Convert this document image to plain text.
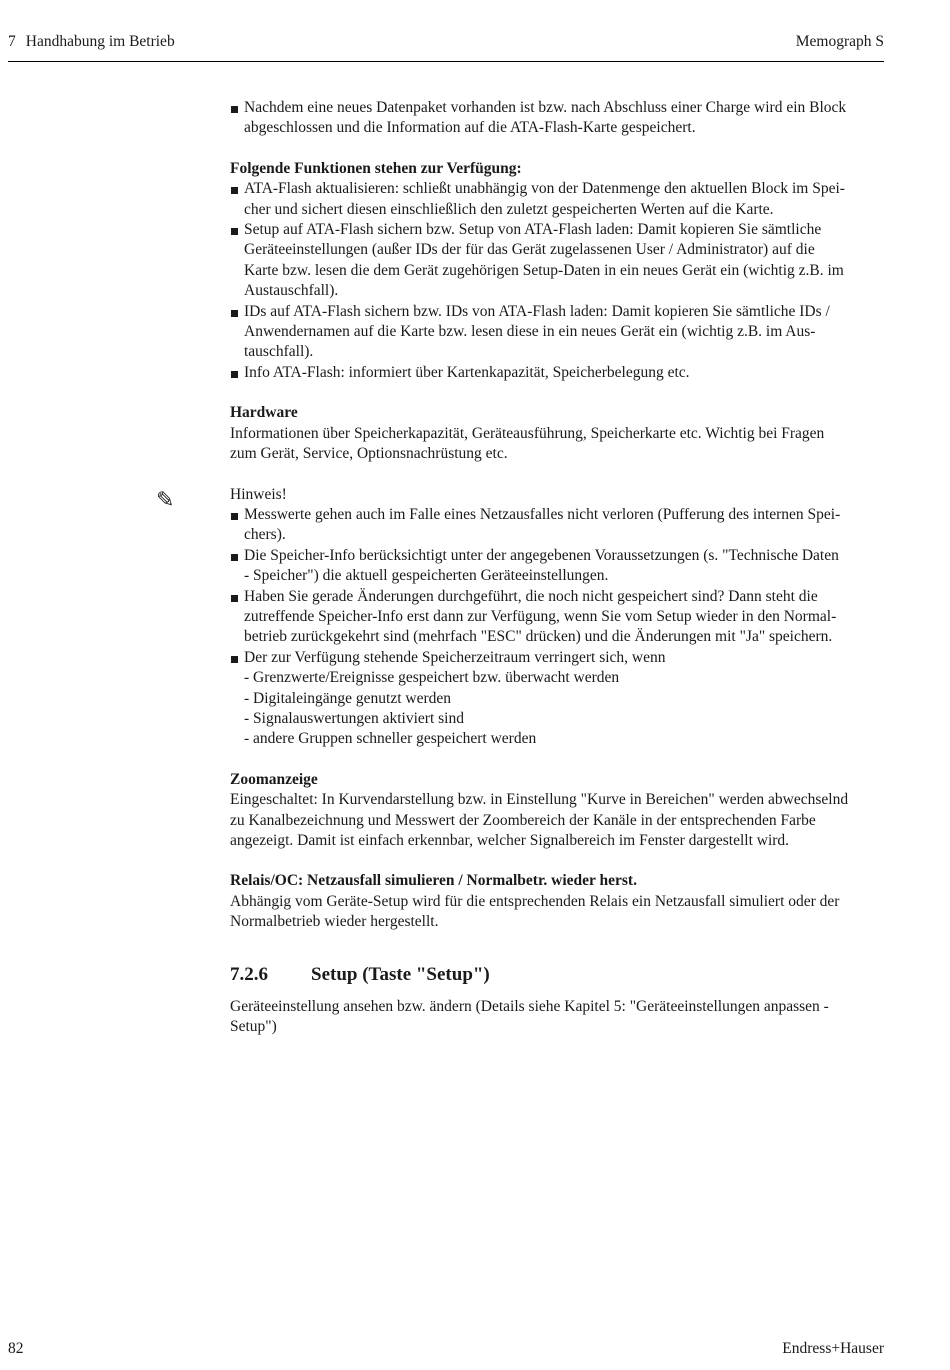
7 Handhabung im Betrieb	Memograph S
✎
Nachdem eine neues Datenpaket vorhanden ist bzw. nach Abschluss einer Charge wird ein Block
abgeschlossen und die Information auf die ATA-Flash-Karte gespeichert.

Folgende Funktionen stehen zur Verfügung:

ATA-Flash aktualisieren: schließt unabhängig von der Datenmenge den aktuellen Block im Spei-
cher und sichert diesen einschließlich den zuletzt gespeicherten Werten auf die Karte.
Setup auf ATA-Flash sichern bzw. Setup von ATA-Flash laden: Damit kopieren Sie sämtliche
Geräteeinstellungen (außer IDs der für das Gerät zugelassenen User / Administrator) auf die
Karte bzw. lesen die dem Gerät zugehörigen Setup-Daten in ein neues Gerät ein (wichtig z.B. im
Austauschfall).
IDs auf ATA-Flash sichern bzw. IDs von ATA-Flash laden: Damit kopieren Sie sämtliche IDs /
Anwendernamen auf die Karte bzw. lesen diese in ein neues Gerät ein (wichtig z.B. im Aus-
tauschfall).
Info ATA-Flash: informiert über Kartenkapazität, Speicherbelegung etc.

Hardware

Informationen über Speicherkapazität, Geräteausführung, Speicherkarte etc. Wichtig bei Fragen

zum Gerät, Service, Optionsnachrüstung etc.

Hinweis!

Messwerte gehen auch im Falle eines Netzausfalles nicht verloren (Pufferung des internen Spei-
chers).
Die Speicher-Info berücksichtigt unter der angegebenen Voraussetzungen (s. "Technische Daten
- Speicher") die aktuell gespeicherten Geräteeinstellungen.
Haben Sie gerade Änderungen durchgeführt, die noch nicht gespeichert sind? Dann steht die
zutreffende Speicher-Info erst dann zur Verfügung, wenn Sie vom Setup wieder in den Normal-
betrieb zurückgekehrt sind (mehrfach "ESC" drücken) und die Änderungen mit "Ja" speichern.
Der zur Verfügung stehende Speicherzeitraum verringert sich, wenn

- Grenzwerte/Ereignisse gespeichert bzw. überwacht werden

- Digitaleingänge genutzt werden

- Signalauswertungen aktiviert sind

- andere Gruppen schneller gespeichert werden

Zoomanzeige

Eingeschaltet: In Kurvendarstellung bzw. in Einstellung "Kurve in Bereichen" werden abwechselnd

zu Kanalbezeichnung und Messwert der Zoombereich der Kanäle in der entsprechenden Farbe

angezeigt. Damit ist einfach erkennbar, welcher Signalbereich im Fenster dargestellt wird.

Relais/OC: Netzausfall simulieren / Normalbetr. wieder herst.

Abhängig vom Geräte-Setup wird für die entsprechenden Relais ein Netzausfall simuliert oder der

Normalbetrieb wieder hergestellt.

7.2.6 Setup (Taste "Setup")

Geräteeinstellung ansehen bzw. ändern (Details siehe Kapitel 5: "Geräteeinstellungen anpassen -

Setup")

82	Endress+Hauser
